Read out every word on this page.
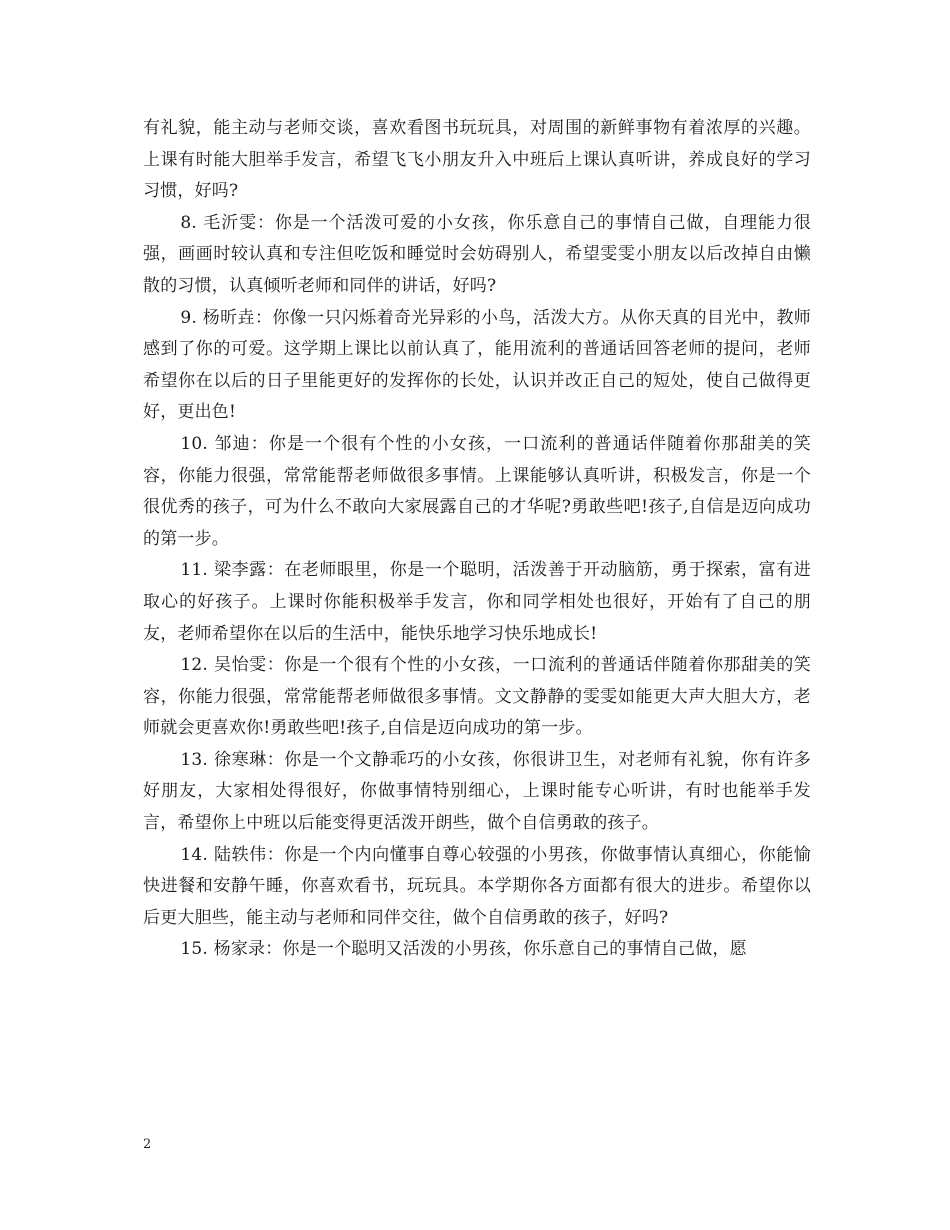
有礼貌，能主动与老师交谈，喜欢看图书玩玩具，对周围的新鲜事物有着浓厚的兴趣。上课有时能大胆举手发言，希望飞飞小朋友升入中班后上课认真听讲，养成良好的学习习惯，好吗?

8. 毛沂雯：你是一个活泼可爱的小女孩，你乐意自己的事情自己做，自理能力很强，画画时较认真和专注但吃饭和睡觉时会妨碍别人，希望雯雯小朋友以后改掉自由懒散的习惯，认真倾听老师和同伴的讲话，好吗?

9. 杨昕垚：你像一只闪烁着奇光异彩的小鸟，活泼大方。从你天真的目光中，教师感到了你的可爱。这学期上课比以前认真了，能用流利的普通话回答老师的提问，老师希望你在以后的日子里能更好的发挥你的长处，认识并改正自己的短处，使自己做得更好，更出色!

10. 邹迪：你是一个很有个性的小女孩，一口流利的普通话伴随着你那甜美的笑容，你能力很强，常常能帮老师做很多事情。上课能够认真听讲，积极发言，你是一个很优秀的孩子，可为什么不敢向大家展露自己的才华呢?勇敢些吧!孩子,自信是迈向成功的第一步。

11. 梁李露：在老师眼里，你是一个聪明，活泼善于开动脑筋，勇于探索，富有进取心的好孩子。上课时你能积极举手发言，你和同学相处也很好，开始有了自己的朋友，老师希望你在以后的生活中，能快乐地学习快乐地成长!

12. 吴怡雯：你是一个很有个性的小女孩，一口流利的普通话伴随着你那甜美的笑容，你能力很强，常常能帮老师做很多事情。文文静静的雯雯如能更大声大胆大方，老师就会更喜欢你!勇敢些吧!孩子,自信是迈向成功的第一步。

13. 徐寒琳：你是一个文静乖巧的小女孩，你很讲卫生，对老师有礼貌，你有许多好朋友，大家相处得很好，你做事情特别细心，上课时能专心听讲，有时也能举手发言，希望你上中班以后能变得更活泼开朗些，做个自信勇敢的孩子。

14. 陆轶伟：你是一个内向懂事自尊心较强的小男孩，你做事情认真细心，你能愉快进餐和安静午睡，你喜欢看书，玩玩具。本学期你各方面都有很大的进步。希望你以后更大胆些，能主动与老师和同伴交往，做个自信勇敢的孩子，好吗?

15. 杨家录：你是一个聪明又活泼的小男孩，你乐意自己的事情自己做，愿

2
